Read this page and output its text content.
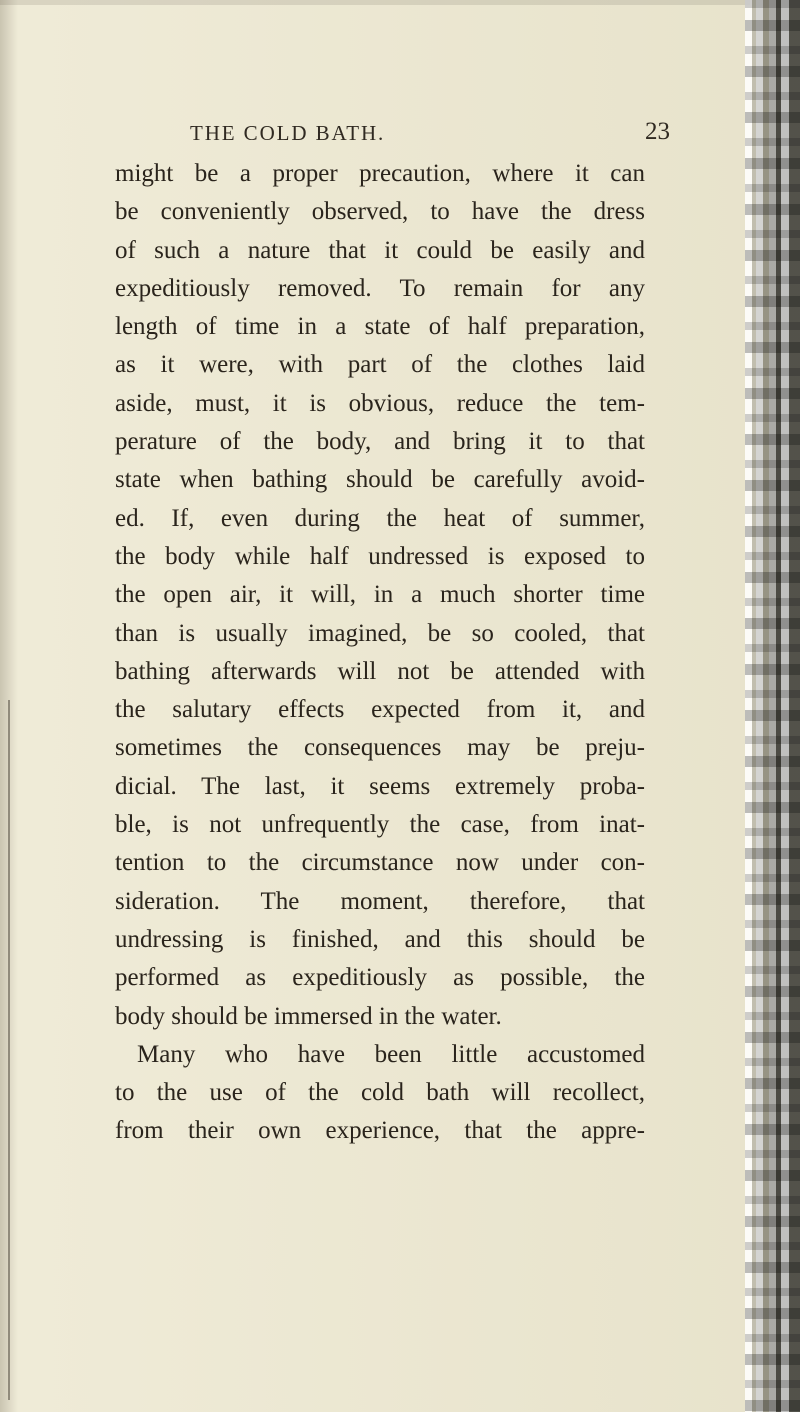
THE COLD BATH.	23
might be a proper precaution, where it can
be conveniently observed, to have the dress
of such a nature that it could be easily and
expeditiously removed. To remain for any
length of time in a state of half preparation,
as it were, with part of the clothes laid
aside, must, it is obvious, reduce the tem-
perature of the body, and bring it to that
state when bathing should be carefully avoid-
ed. If, even during the heat of summer,
the body while half undressed is exposed to
the open air, it will, in a much shorter time
than is usually imagined, be so cooled, that
bathing afterwards will not be attended with
the salutary effects expected from it, and
sometimes the consequences may be preju-
dicial. The last, it seems extremely proba-
ble, is not unfrequently the case, from inat-
tention to the circumstance now under con-
sideration. The moment, therefore, that
undressing is finished, and this should be
performed as expeditiously as possible, the
body should be immersed in the water.
Many who have been little accustomed
to the use of the cold bath will recollect,
from their own experience, that the appre-
